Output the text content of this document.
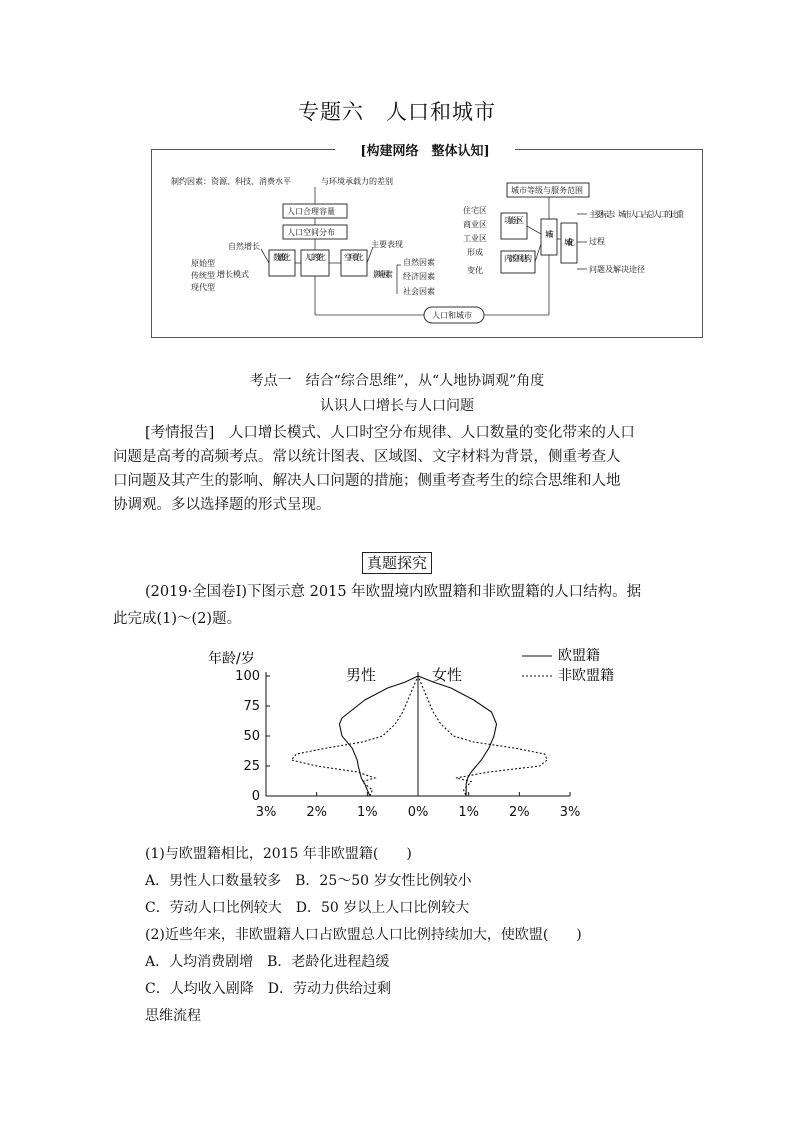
专题六　人口和城市
[构建网络　整体认知]
制约因素：资源、科技、消费水平	与环境承载力的差别
人口合理容量
人口空间分布
自然增长
增长模式
原始型
传统型
现代型
数量变化 人口的变化 空间变化
主要表现
影响因素
自然因素
经济因素
社会因素
城市等级与服务范围
住宅区
商业区
工业区
功能分区
形成
变化
内部空间结构
城市
城市化
主要标志：城市人口占总人口的比重
过程
问题及解决途径
人口和城市
考点一　结合“综合思维”，从“人地协调观”角度
认识人口增长与人口问题
[考情报告]　 人口增长模式、人口时空分布规律、人口数量的变化带来的人口
问题是高考的高频考点。常以统计图表、区域图、文字材料为背景，侧重考查人
口问题及其产生的影响、解决人口问题的措施；侧重考查考生的综合思维和人地
协调观。多以选择题的形式呈现。
真题探究
(2019·全国卷Ⅰ)下图示意 2015 年欧盟境内欧盟籍和非欧盟籍的人口结构。据
此完成(1)～(2)题。
年龄/岁
0
25
50
75
100
3% 2% 1% 0% 1% 2% 3%
男性	女性
欧盟籍
非欧盟籍
(1)与欧盟籍相比，2015 年非欧盟籍(　　)
A．男性人口数量较多　 B．25～50 岁女性比例较小
C．劳动人口比例较大　 D．50 岁以上人口比例较大
(2)近些年来，非欧盟籍人口占欧盟总人口比例持续加大，使欧盟(　　)
A．人均消费剧增　 B．老龄化进程趋缓
C．人均收入剧降　 D．劳动力供给过剩
思维流程
